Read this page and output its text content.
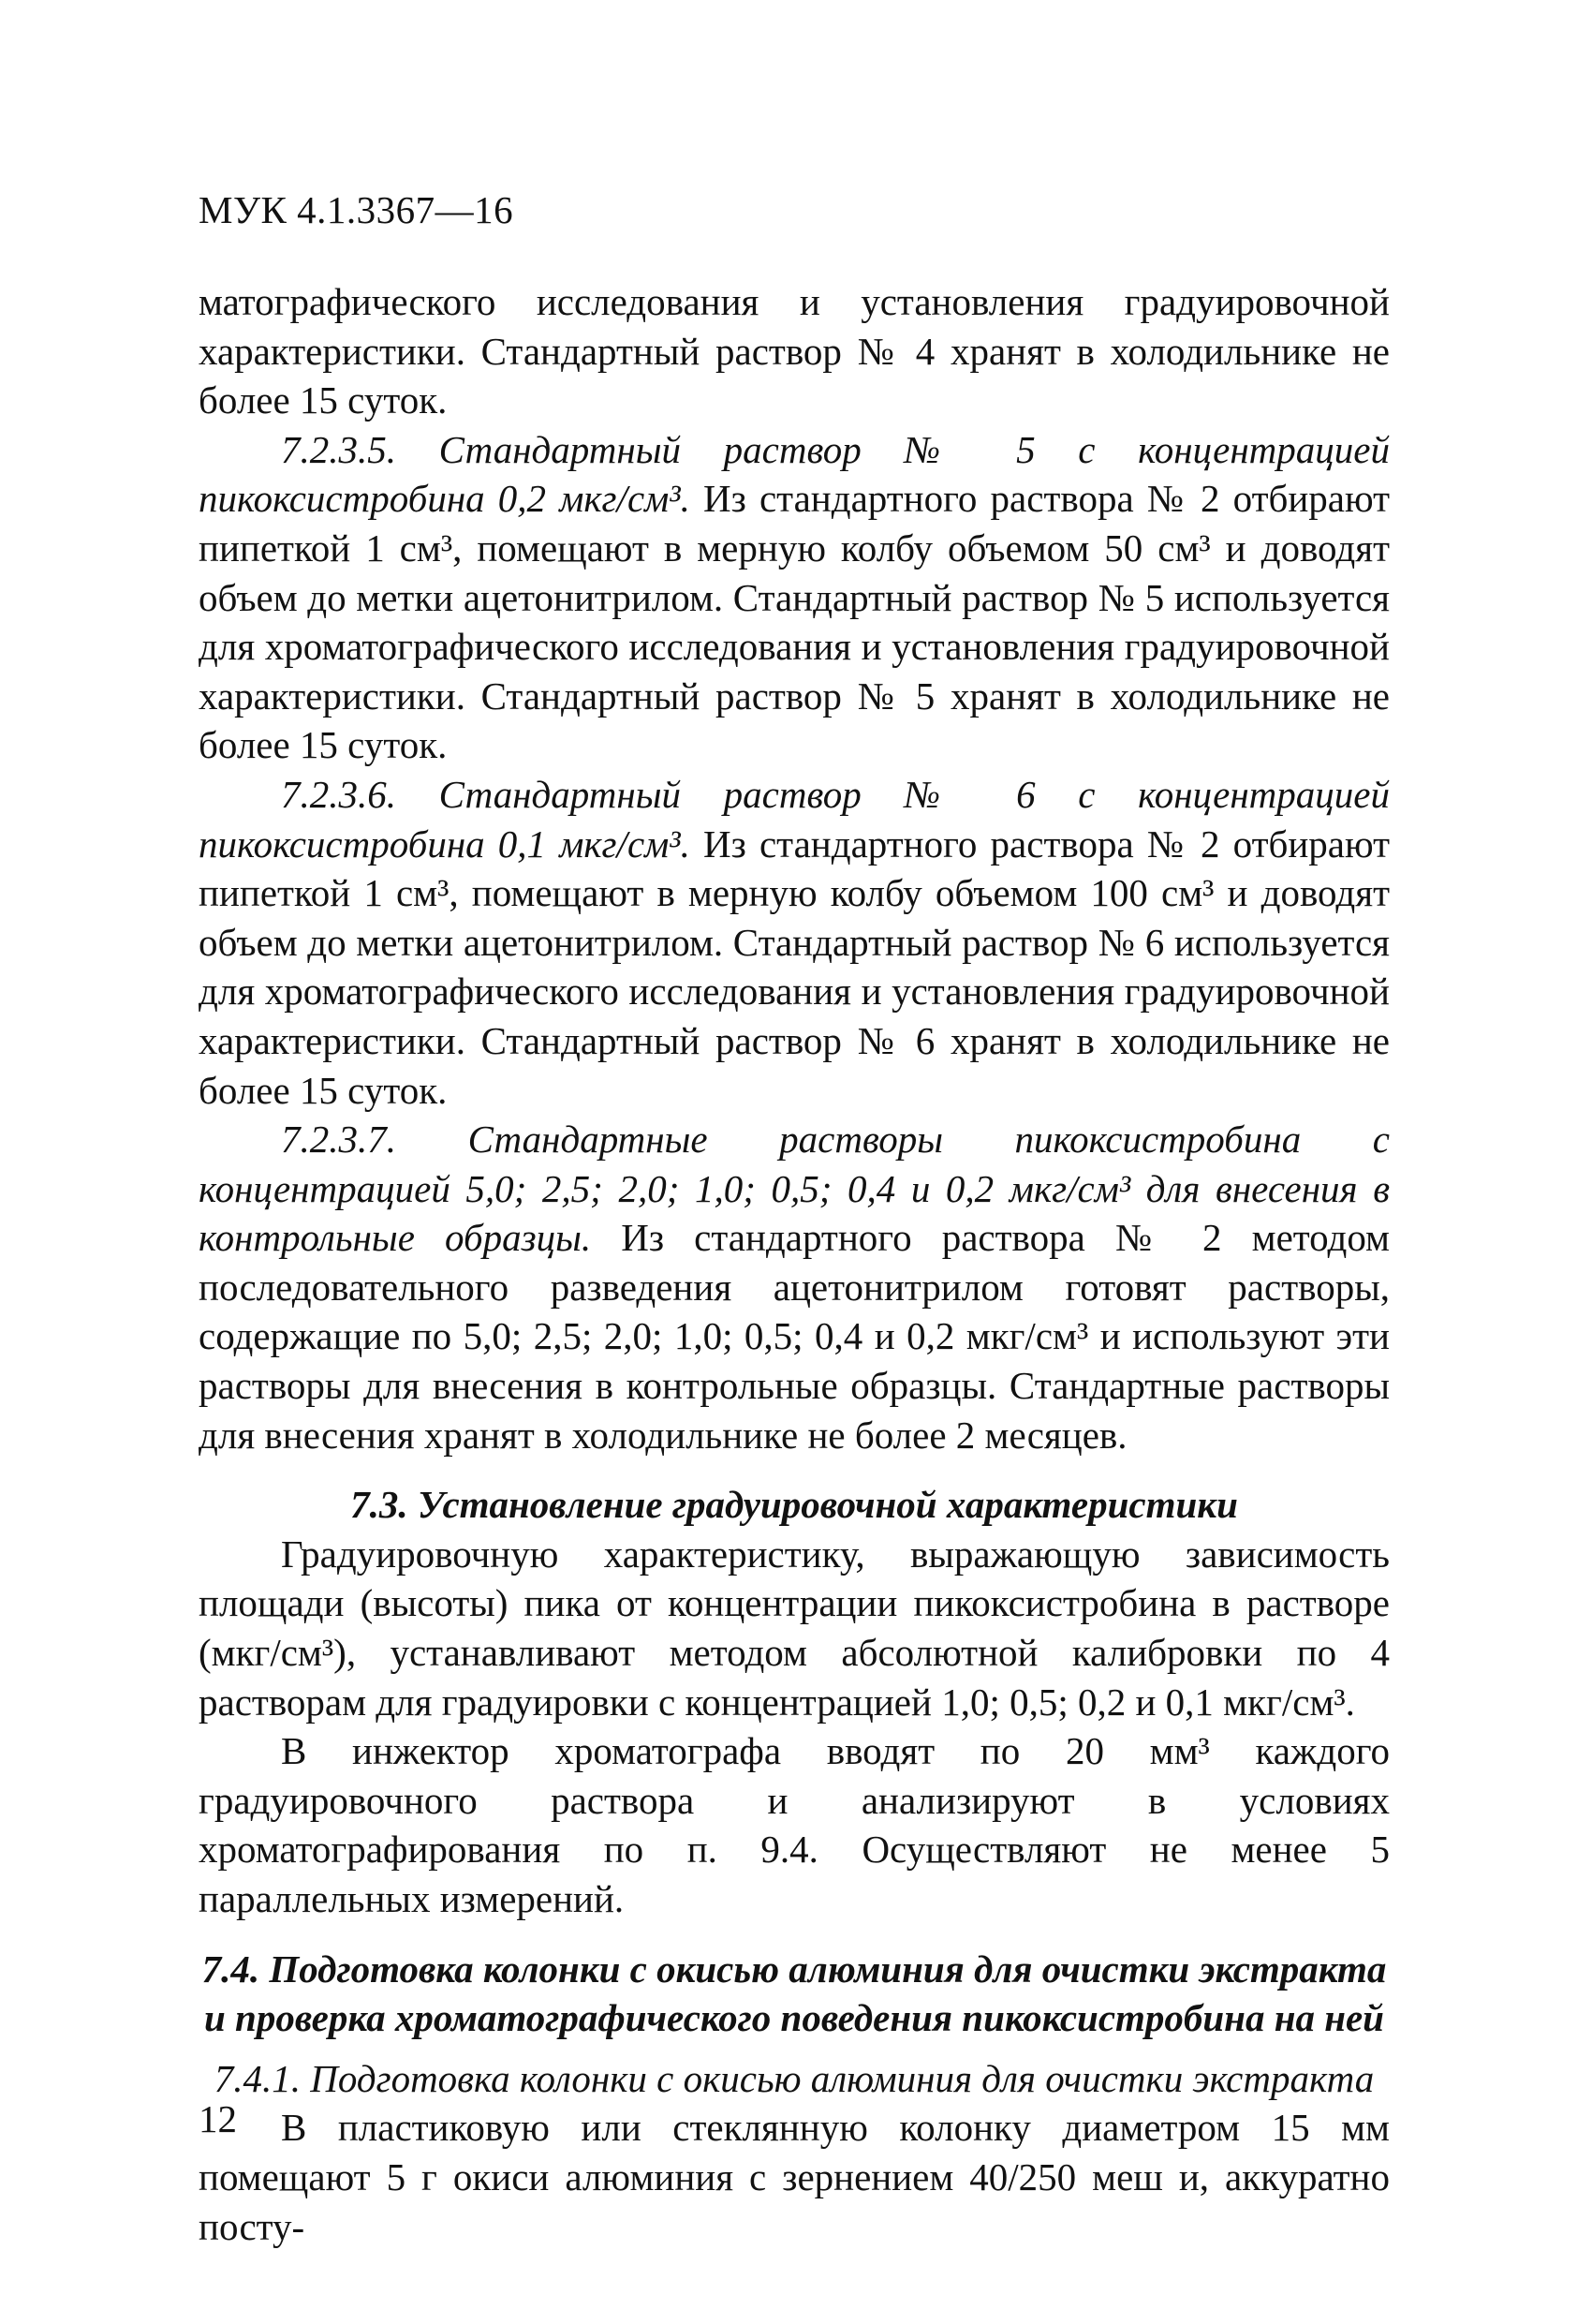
МУК 4.1.3367—16

матографического исследования и установления градуировочной характеристики. Стандартный раствор № 4 хранят в холодильнике не более 15 суток.

7.2.3.5. Стандартный раствор № 5 с концентрацией пикоксистробина 0,2 мкг/см³. Из стандартного раствора № 2 отбирают пипеткой 1 см³, помещают в мерную колбу объемом 50 см³ и доводят объем до метки ацетонитрилом. Стандартный раствор № 5 используется для хроматографического исследования и установления градуировочной характеристики. Стандартный раствор № 5 хранят в холодильнике не более 15 суток.

7.2.3.6. Стандартный раствор № 6 с концентрацией пикоксистробина 0,1 мкг/см³. Из стандартного раствора № 2 отбирают пипеткой 1 см³, помещают в мерную колбу объемом 100 см³ и доводят объем до метки ацетонитрилом. Стандартный раствор № 6 используется для хроматографического исследования и установления градуировочной характеристики. Стандартный раствор № 6 хранят в холодильнике не более 15 суток.

7.2.3.7. Стандартные растворы пикоксистробина с концентрацией 5,0; 2,5; 2,0; 1,0; 0,5; 0,4 и 0,2 мкг/см³ для внесения в контрольные образцы. Из стандартного раствора № 2 методом последовательного разведения ацетонитрилом готовят растворы, содержащие по 5,0; 2,5; 2,0; 1,0; 0,5; 0,4 и 0,2 мкг/см³ и используют эти растворы для внесения в контрольные образцы. Стандартные растворы для внесения хранят в холодильнике не более 2 месяцев.

7.3. Установление градуировочной характеристики

Градуировочную характеристику, выражающую зависимость площади (высоты) пика от концентрации пикоксистробина в растворе (мкг/см³), устанавливают методом абсолютной калибровки по 4 растворам для градуировки с концентрацией 1,0; 0,5; 0,2 и 0,1 мкг/см³.

В инжектор хроматографа вводят по 20 мм³ каждого градуировочного раствора и анализируют в условиях хроматографирования по п. 9.4. Осуществляют не менее 5 параллельных измерений.

7.4. Подготовка колонки с окисью алюминия для очистки экстракта и проверка хроматографического поведения пикоксистробина на ней

7.4.1. Подготовка колонки с окисью алюминия для очистки экстракта

В пластиковую или стеклянную колонку диаметром 15 мм помещают 5 г окиси алюминия с зернением 40/250 меш и, аккуратно посту-

12
